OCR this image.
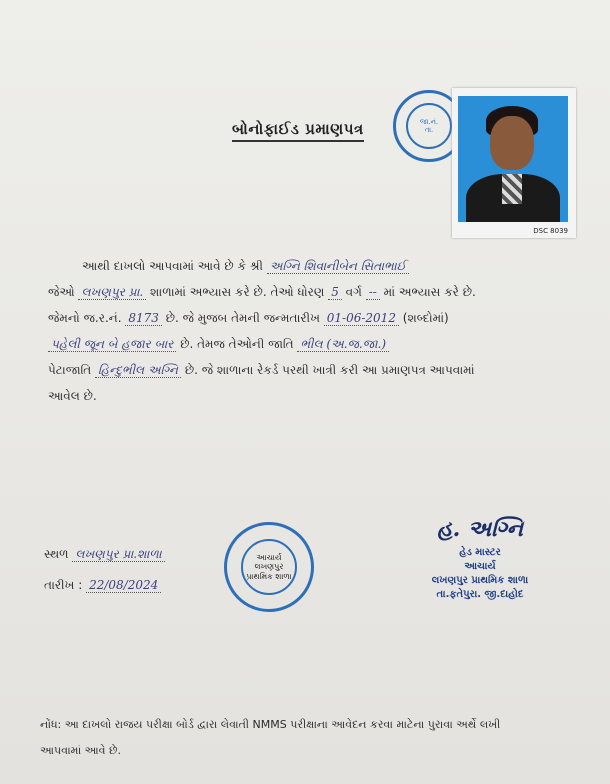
બોનોફાઈડ પ્રમાણપત્ર	જા.નં.
તા.
DSC 8039
આથી દાખલો આપવામાં આવે છે કે શ્રી અગ્નિ શિવાનીબેન સિતાભાઈ
જેઓ લખણપુર પ્રા. શાળામાં અભ્યાસ કરે છે. તેઓ ધોરણ 5 વર્ગ -- માં અભ્યાસ કરે છે.
જેમનો જ.ર.નં. 8173 છે. જે મુજબ તેમની જન્મતારીખ 01-06-2012 (શબ્દોમાં)
પહેલી જૂન બે હજાર બાર છે. તેમજ તેઓની જાતિ ભીલ (અ.જ.જા.)
પેટાજાતિ હિન્દુભીલ અગ્નિ છે. જે શાળાના રેકર્ડ પરથી ખાત્રી કરી આ પ્રમાણપત્ર આપવામાં
આવેલ છે.
સ્થળ લખણપુર પ્રા.શાળા
તારીખ : 22/08/2024
આચાર્ય
લખણપુર
પ્રાથમિક શાળા
હ. અગ્નિ
હેડ માસ્ટર
આચાર્ય
લખણપુર પ્રાથમિક શાળા
તા.ફતેપુરા. જી.દાહોદ
નોંધ: આ દાખલો રાજય પરીક્ષા બોર્ડ દ્વારા લેવાતી NMMS પરીક્ષાના આવેદન કરવા માટેના પુરાવા અર્થે લખી
આપવામાં આવે છે.
